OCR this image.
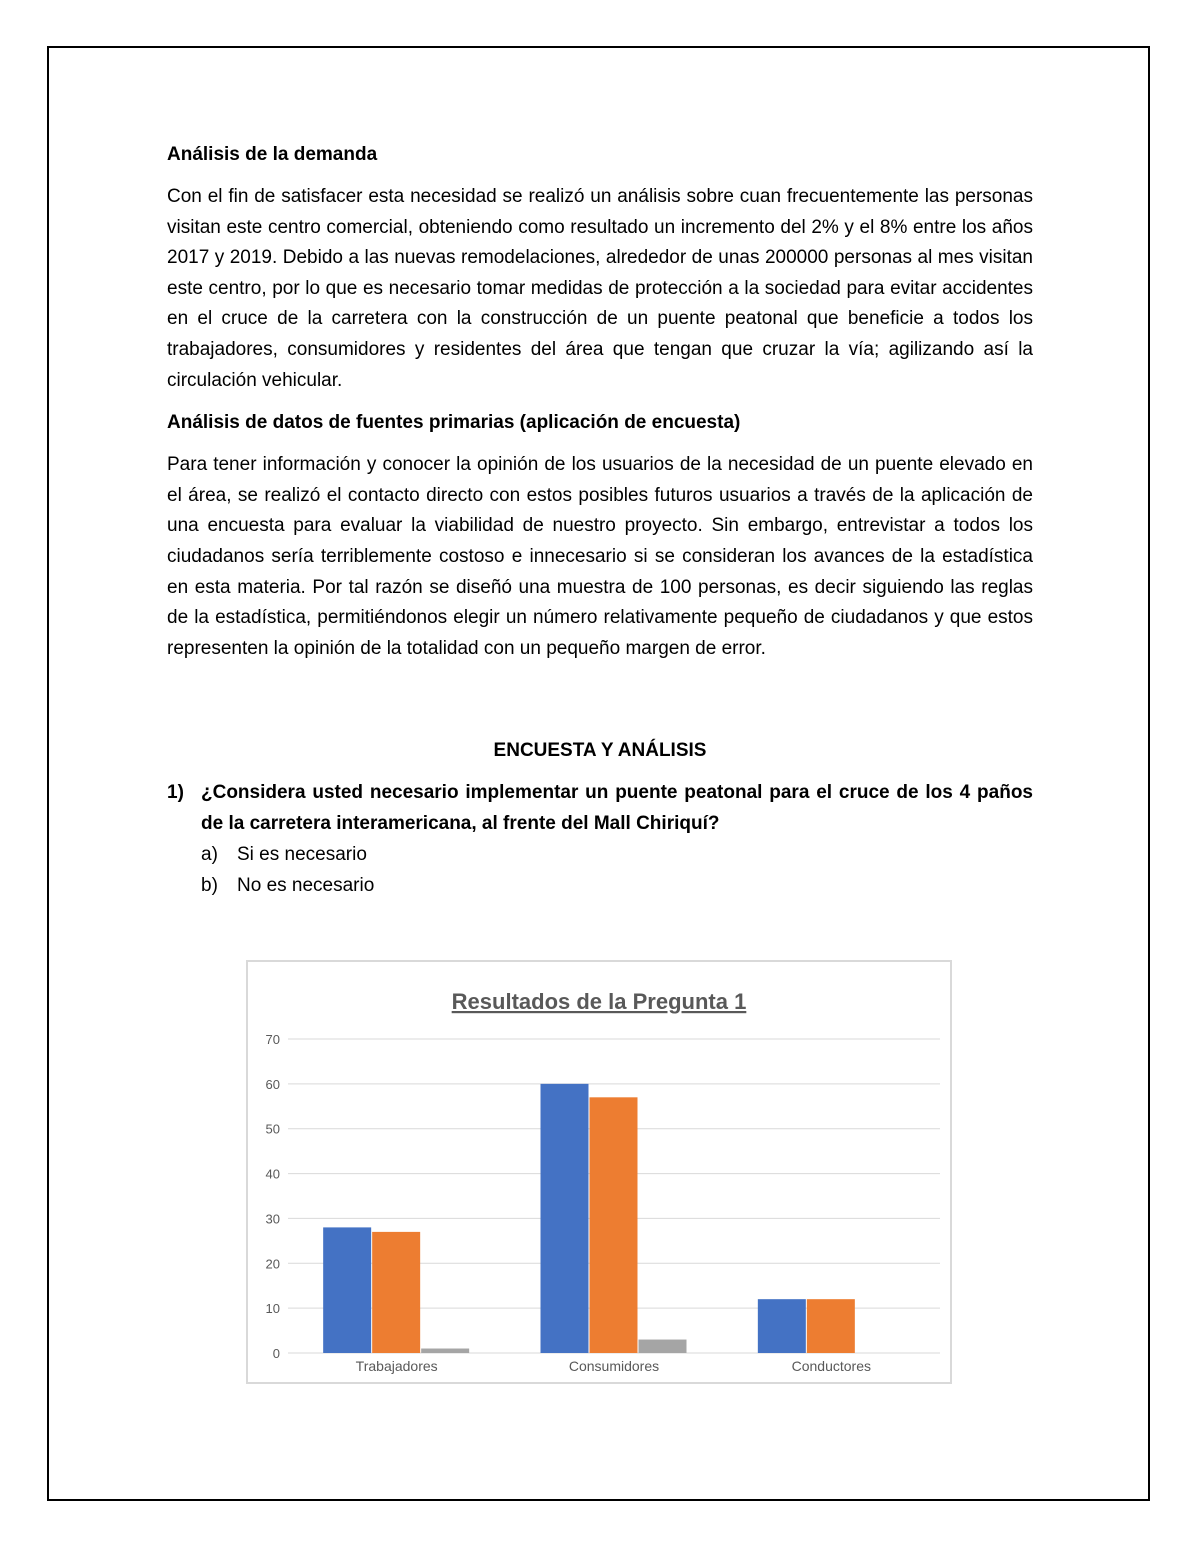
Análisis de la demanda

Con el fin de satisfacer esta necesidad se realizó un análisis sobre cuan frecuentemente las personas visitan este centro comercial, obteniendo como resultado un incremento del 2% y el 8% entre los años 2017 y 2019. Debido a las nuevas remodelaciones, alrededor de unas 200000 personas al mes visitan este centro, por lo que es necesario tomar medidas de protección a la sociedad para evitar accidentes en el cruce de la carretera con la construcción de un puente peatonal que beneficie a todos los trabajadores, consumidores y residentes del área que tengan que cruzar la vía; agilizando así la circulación vehicular.

Análisis de datos de fuentes primarias (aplicación de encuesta)

Para tener información y conocer la opinión de los usuarios de la necesidad de un puente elevado en el área, se realizó el contacto directo con estos posibles futuros usuarios a través de la aplicación de una encuesta para evaluar la viabilidad de nuestro proyecto. Sin embargo, entrevistar a todos los ciudadanos sería terriblemente costoso e innecesario si se consideran los avances de la estadística en esta materia. Por tal razón se diseñó una muestra de 100 personas, es decir siguiendo las reglas de la estadística, permitiéndonos elegir un número relativamente pequeño de ciudadanos y que estos representen la opinión de la totalidad con un pequeño margen de error.

ENCUESTA Y ANÁLISIS

1) ¿Considera usted necesario implementar un puente peatonal para el cruce de los 4 paños de la carretera interamericana, al frente del Mall Chiriquí?
a)	Si es necesario
b)	No es necesario
Resultados de la Pregunta 1
0
10
20
30
40
50
60
70
Trabajadores	Consumidores	Conductores
